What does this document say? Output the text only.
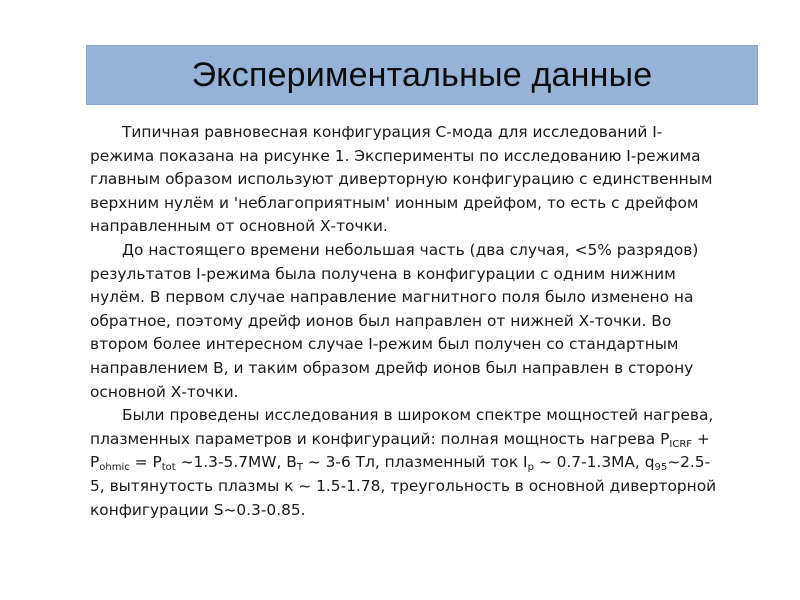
Экспериментальные данные
Типичная равновесная конфигурация С-мода для исследований I-
режима показана на рисунке 1. Эксперименты по исследованию I-режима
главным образом используют диверторную конфигурацию с единственным
верхним нулём и 'неблагоприятным' ионным дрейфом, то есть с дрейфом
направленным от основной Х-точки.
До настоящего времени небольшая часть (два случая, <5% разрядов)
результатов I-режима была получена в конфигурации с одним нижним
нулём. В первом случае направление магнитного поля было изменено на
обратное, поэтому дрейф ионов был направлен от нижней Х-точки. Во
втором более интересном случае I-режим был получен со стандартным
направлением В, и таким образом дрейф ионов был направлен в сторону
основной Х-точки.
Были проведены исследования в широком спектре мощностей нагрева,
плазменных параметров и конфигураций: полная мощность нагрева $P_{ICRF}$ +
$P_{ohmic} = P_{tot}$ ~1.3-5.7MW, $B_T$ ~ 3-6 Тл, плазменный ток $I_p$ ~ 0.7-1.3MA, $q_{95}\sim 2.5-$
5, вытянутость плазмы к ~ 1.5-1.78, треугольность в основной диверторной
конфигурации S~0.3-0.85.
